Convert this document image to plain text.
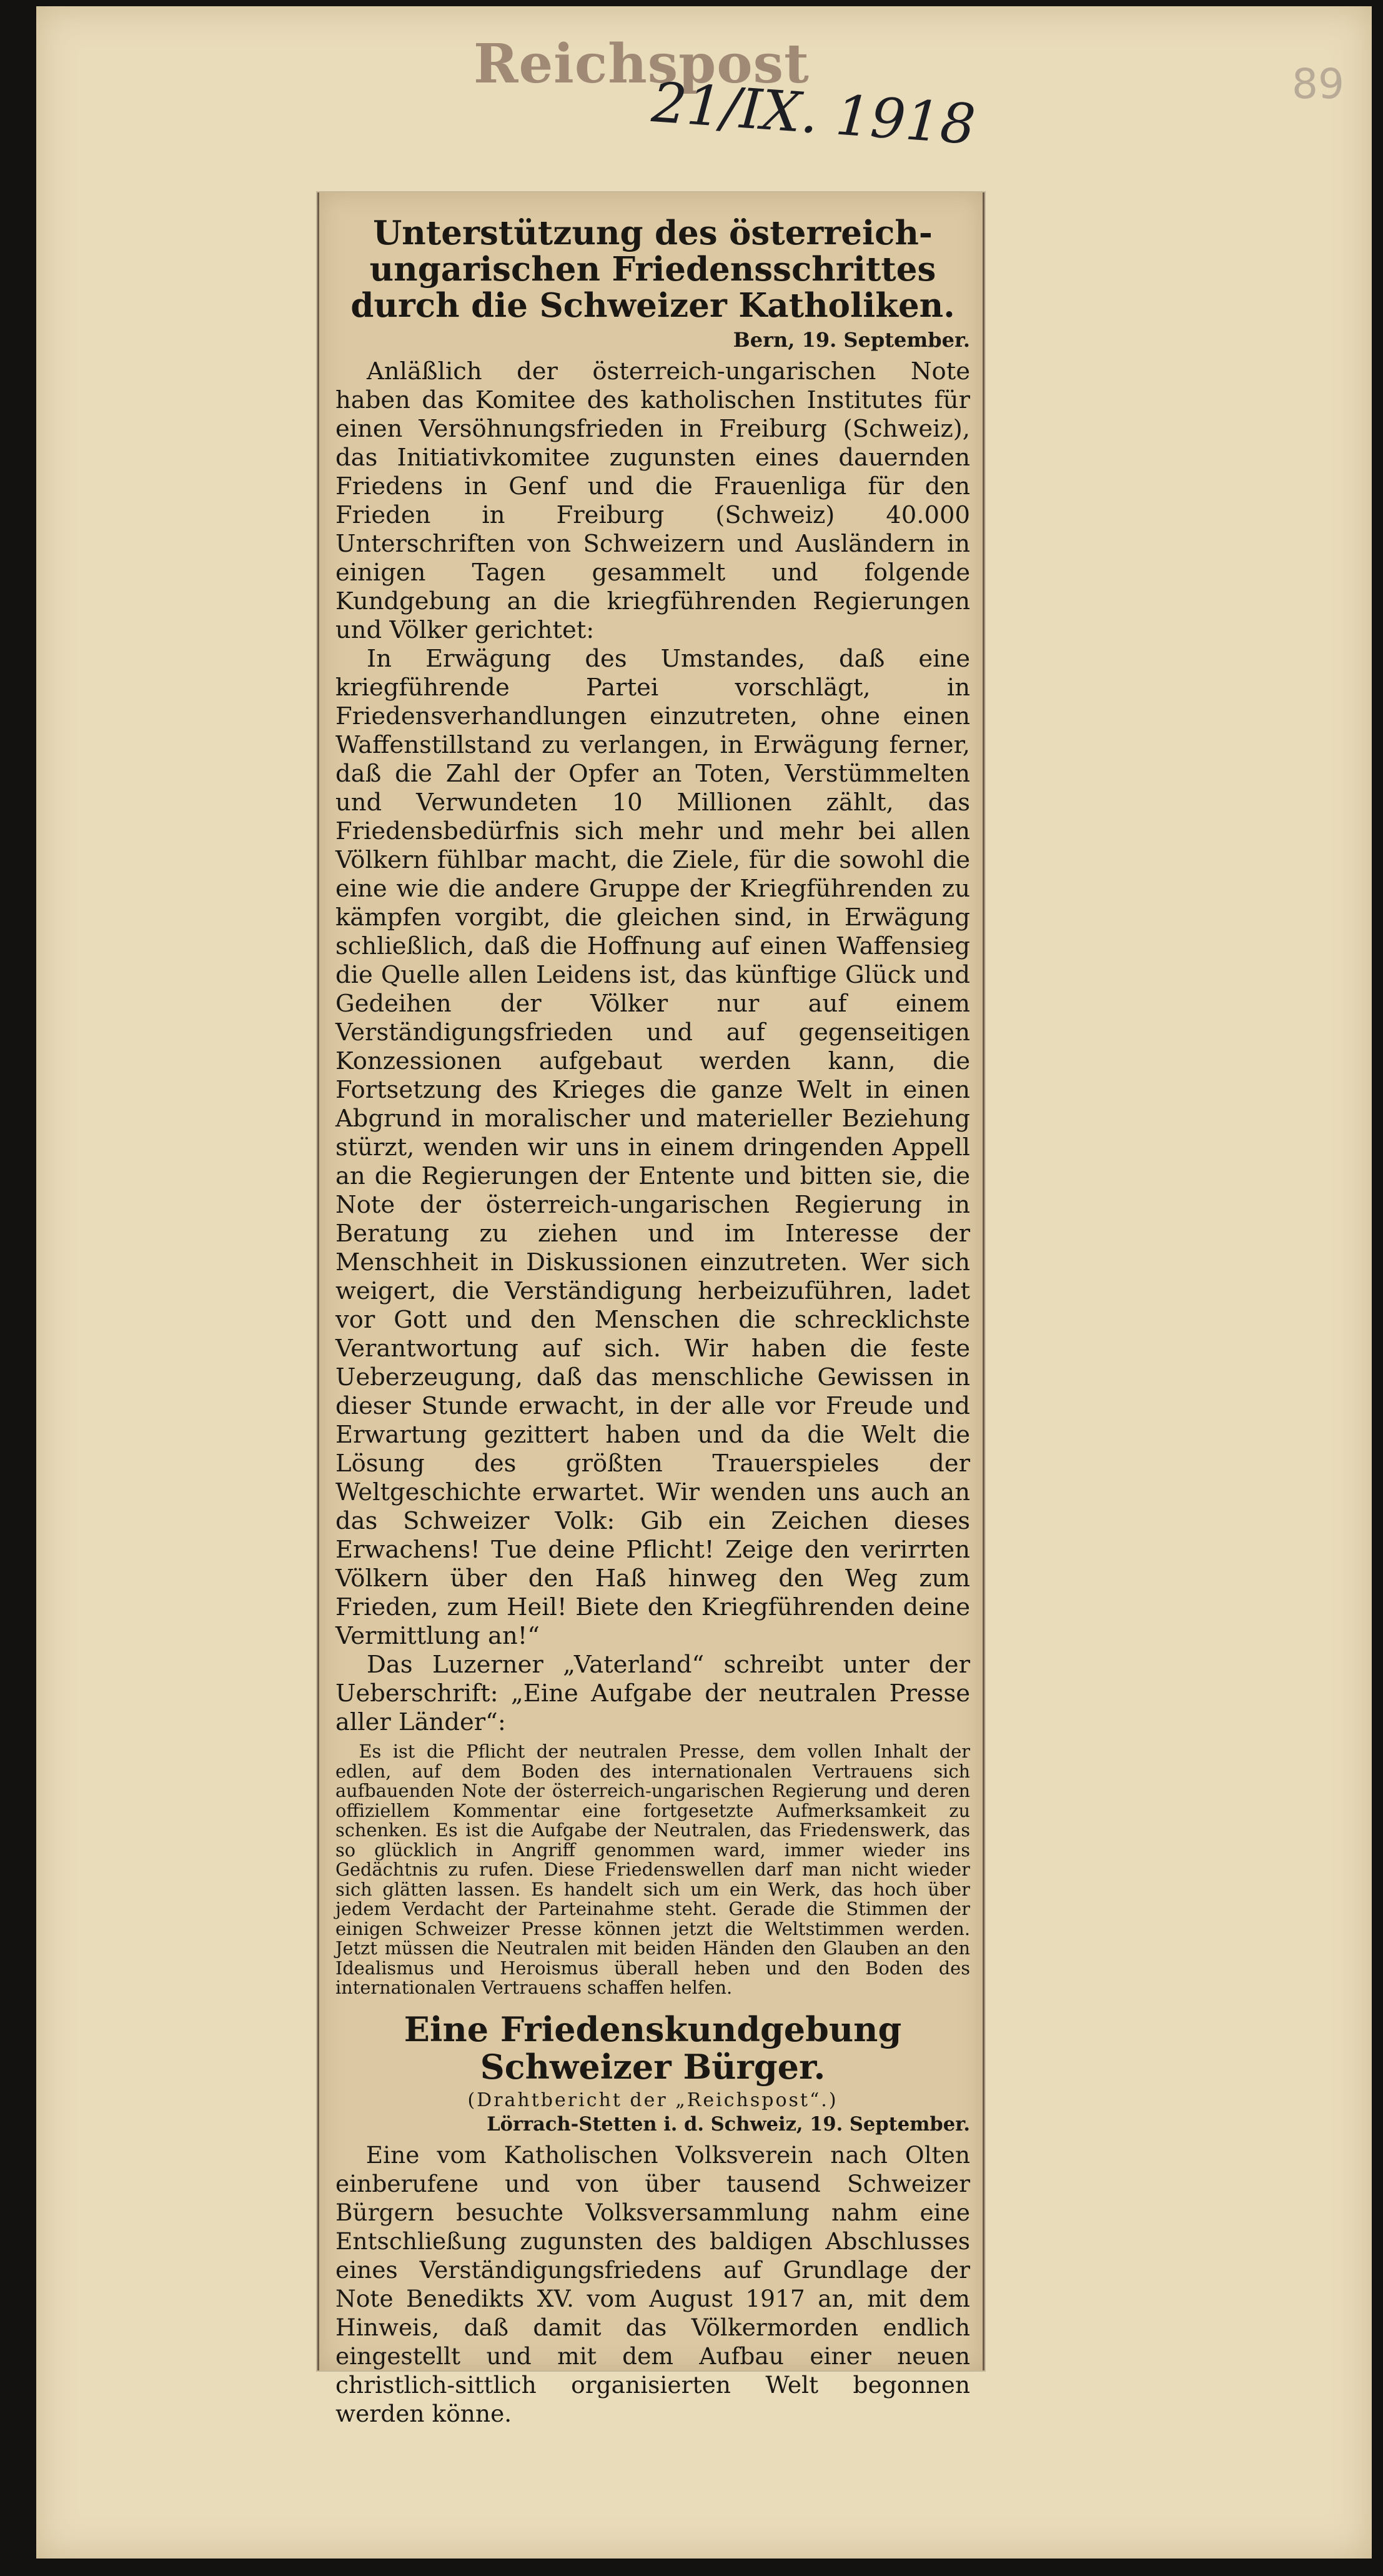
Reichspost
21/IX. 1918	89
Unterstützung des österreich-ungarischen Friedensschrittes durch die Schweizer Katholiken.
Bern, 19. September.

Anläßlich der österreich-ungarischen Note haben das Komitee des katholischen Institutes für einen Versöhnungsfrieden in Freiburg (Schweiz), das Initiativkomitee zugunsten eines dauernden Friedens in Genf und die Frauenliga für den Frieden in Freiburg (Schweiz) 40.000 Unterschriften von Schweizern und Ausländern in einigen Tagen gesammelt und folgende Kundgebung an die kriegführenden Regierungen und Völker gerichtet:

In Erwägung des Umstandes, daß eine kriegführende Partei vorschlägt, in Friedensverhandlungen einzutreten, ohne einen Waffenstillstand zu verlangen, in Erwägung ferner, daß die Zahl der Opfer an Toten, Verstümmelten und Verwundeten 10 Millionen zählt, das Friedensbedürfnis sich mehr und mehr bei allen Völkern fühlbar macht, die Ziele, für die sowohl die eine wie die andere Gruppe der Kriegführenden zu kämpfen vorgibt, die gleichen sind, in Erwägung schließlich, daß die Hoffnung auf einen Waffensieg die Quelle allen Leidens ist, das künftige Glück und Gedeihen der Völker nur auf einem Verständigungsfrieden und auf gegenseitigen Konzessionen aufgebaut werden kann, die Fortsetzung des Krieges die ganze Welt in einen Abgrund in moralischer und materieller Beziehung stürzt, wenden wir uns in einem dringenden Appell an die Regierungen der Entente und bitten sie, die Note der österreich-ungarischen Regierung in Beratung zu ziehen und im Interesse der Menschheit in Diskussionen einzutreten. Wer sich weigert, die Verständigung herbeizuführen, ladet vor Gott und den Menschen die schrecklichste Verantwortung auf sich. Wir haben die feste Ueberzeugung, daß das menschliche Gewissen in dieser Stunde erwacht, in der alle vor Freude und Erwartung gezittert haben und da die Welt die Lösung des größten Trauerspieles der Weltgeschichte erwartet. Wir wenden uns auch an das Schweizer Volk: Gib ein Zeichen dieses Erwachens! Tue deine Pflicht! Zeige den verirrten Völkern über den Haß hinweg den Weg zum Frieden, zum Heil! Biete den Kriegführenden deine Vermittlung an!“

Das Luzerner „Vaterland“ schreibt unter der Ueberschrift: „Eine Aufgabe der neutralen Presse aller Länder“:

Es ist die Pflicht der neutralen Presse, dem vollen Inhalt der edlen, auf dem Boden des internationalen Vertrauens sich aufbauenden Note der österreich-ungarischen Regierung und deren offiziellem Kommentar eine fortgesetzte Aufmerksamkeit zu schenken. Es ist die Aufgabe der Neutralen, das Friedenswerk, das so glücklich in Angriff genommen ward, immer wieder ins Gedächtnis zu rufen. Diese Friedenswellen darf man nicht wieder sich glätten lassen. Es handelt sich um ein Werk, das hoch über jedem Verdacht der Parteinahme steht. Gerade die Stimmen der einigen Schweizer Presse können jetzt die Weltstimmen werden. Jetzt müssen die Neutralen mit beiden Händen den Glauben an den Idealismus und Heroismus überall heben und den Boden des internationalen Vertrauens schaffen helfen.

Eine Friedenskundgebung Schweizer Bürger.

(Drahtbericht der „Reichspost“.)

Lörrach-Stetten i. d. Schweiz, 19. September.

Eine vom Katholischen Volksverein nach Olten einberufene und von über tausend Schweizer Bürgern besuchte Volksversammlung nahm eine Entschließung zugunsten des baldigen Abschlusses eines Verständigungsfriedens auf Grundlage der Note Benedikts XV. vom August 1917 an, mit dem Hinweis, daß damit das Völkermorden endlich eingestellt und mit dem Aufbau einer neuen christlich-sittlich organisierten Welt begonnen werden könne.
